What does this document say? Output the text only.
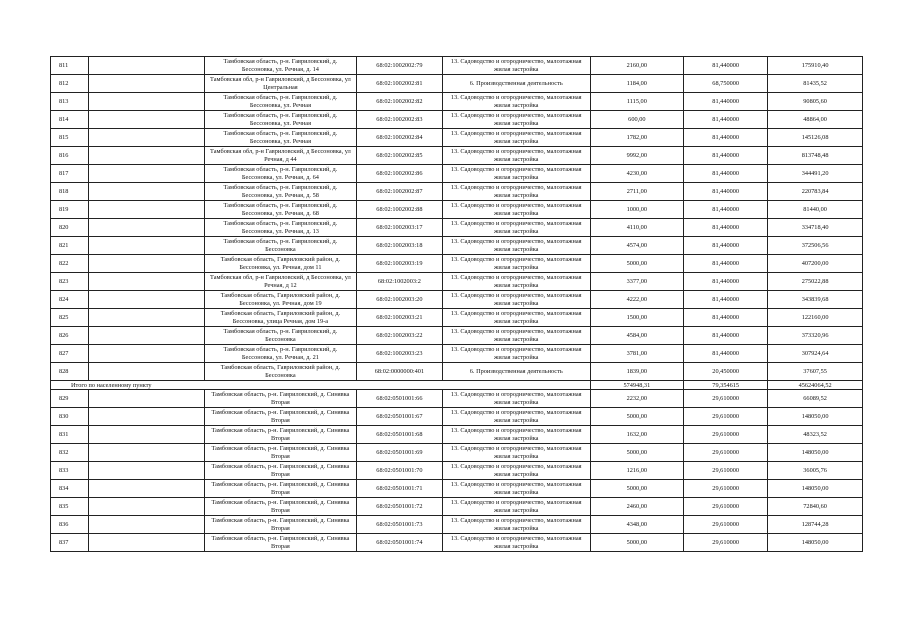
811		Тамбовская область, р-н. Гавриловский, д. Бессоновка, ул. Речная, д. 14	68:02:1002002:79	13. Садоводство и огородничество, малоэтажная жилая застройка	2160,00	81,440000	175910,40
812		Тамбовская обл, р-н Гавриловский, д Бессоновка, ул Центральная	68:02:1002002:81	6. Производственная деятельность	1184,00	68,750000	81435,52
813		Тамбовская область, р-н. Гавриловский, д. Бессоновка, ул. Речная	68:02:1002002:82	13. Садоводство и огородничество, малоэтажная жилая застройка	1115,00	81,440000	90805,60
814		Тамбовская область, р-н. Гавриловский, д. Бессоновка, ул. Речная	68:02:1002002:83	13. Садоводство и огородничество, малоэтажная жилая застройка	600,00	81,440000	48864,00
815		Тамбовская область, р-н. Гавриловский, д. Бессоновка, ул. Речная	68:02:1002002:84	13. Садоводство и огородничество, малоэтажная жилая застройка	1782,00	81,440000	145126,08
816		Тамбовская обл, р-н Гавриловский, д Бессоновка, ул Речная, д 44	68:02:1002002:85	13. Садоводство и огородничество, малоэтажная жилая застройка	9992,00	81,440000	813748,48
817		Тамбовская область, р-н. Гавриловский, д. Бессоновка, ул. Речная, д. 64	68:02:1002002:86	13. Садоводство и огородничество, малоэтажная жилая застройка	4230,00	81,440000	344491,20
818		Тамбовская область, р-н. Гавриловский, д. Бессоновка, ул. Речная, д. 58	68:02:1002002:87	13. Садоводство и огородничество, малоэтажная жилая застройка	2711,00	81,440000	220783,84
819		Тамбовская область, р-н. Гавриловский, д. Бессоновка, ул. Речная, д. 68	68:02:1002002:88	13. Садоводство и огородничество, малоэтажная жилая застройка	1000,00	81,440000	81440,00
820		Тамбовская область, р-н. Гавриловский, д. Бессоновка, ул. Речная, д. 13	68:02:1002003:17	13. Садоводство и огородничество, малоэтажная жилая застройка	4110,00	81,440000	334718,40
821		Тамбовская область, р-н. Гавриловский, д. Бессоновка	68:02:1002003:18	13. Садоводство и огородничество, малоэтажная жилая застройка	4574,00	81,440000	372506,56
822		Тамбовская область, Гавриловский район, д. Бессоновка, ул. Речная, дом 11	68:02:1002003:19	13. Садоводство и огородничество, малоэтажная жилая застройка	5000,00	81,440000	407200,00
823		Тамбовская обл, р-н Гавриловский, д Бессоновка, ул Речная, д 12	68:02:1002003:2	13. Садоводство и огородничество, малоэтажная жилая застройка	3377,00	81,440000	275022,88
824		Тамбовская область, Гавриловский район, д. Бессоновка, ул. Речная, дом 19	68:02:1002003:20	13. Садоводство и огородничество, малоэтажная жилая застройка	4222,00	81,440000	343839,68
825		Тамбовская область, Гавриловский район, д. Бессоновка, улица Речная, дом 19-а	68:02:1002003:21	13. Садоводство и огородничество, малоэтажная жилая застройка	1500,00	81,440000	122160,00
826		Тамбовская область, р-н. Гавриловский, д. Бессоновка	68:02:1002003:22	13. Садоводство и огородничество, малоэтажная жилая застройка	4584,00	81,440000	373320,96
827		Тамбовская область, р-н. Гавриловский, д. Бессоновка, ул. Речная, д. 21	68:02:1002003:23	13. Садоводство и огородничество, малоэтажная жилая застройка	3781,00	81,440000	307924,64
828		Тамбовская область, Гавриловский район, д. Бессоновка	68:02:0000000:401	6. Производственная деятельность	1839,00	20,450000	37607,55
Итого по населенному пункту					574948,31	79,354615	45624064,52
829		Тамбовская область, р-н. Гавриловский, д. Синявка Вторая	68:02:0501001:66	13. Садоводство и огородничество, малоэтажная жилая застройка	2232,00	29,610000	66089,52
830		Тамбовская область, р-н. Гавриловский, д. Синявка Вторая	68:02:0501001:67	13. Садоводство и огородничество, малоэтажная жилая застройка	5000,00	29,610000	148050,00
831		Тамбовская область, р-н. Гавриловский, д. Синявка Вторая	68:02:0501001:68	13. Садоводство и огородничество, малоэтажная жилая застройка	1632,00	29,610000	48323,52
832		Тамбовская область, р-н. Гавриловский, д. Синявка Вторая	68:02:0501001:69	13. Садоводство и огородничество, малоэтажная жилая застройка	5000,00	29,610000	148050,00
833		Тамбовская область, р-н. Гавриловский, д. Синявка Вторая	68:02:0501001:70	13. Садоводство и огородничество, малоэтажная жилая застройка	1216,00	29,610000	36005,76
834		Тамбовская область, р-н. Гавриловский, д. Синявка Вторая	68:02:0501001:71	13. Садоводство и огородничество, малоэтажная жилая застройка	5000,00	29,610000	148050,00
835		Тамбовская область, р-н. Гавриловский, д. Синявка Вторая	68:02:0501001:72	13. Садоводство и огородничество, малоэтажная жилая застройка	2460,00	29,610000	72840,60
836		Тамбовская область, р-н. Гавриловский, д. Синявка Вторая	68:02:0501001:73	13. Садоводство и огородничество, малоэтажная жилая застройка	4348,00	29,610000	128744,28
837		Тамбовская область, р-н. Гавриловский, д. Синявка Вторая	68:02:0501001:74	13. Садоводство и огородничество, малоэтажная жилая застройка	5000,00	29,610000	148050,00
